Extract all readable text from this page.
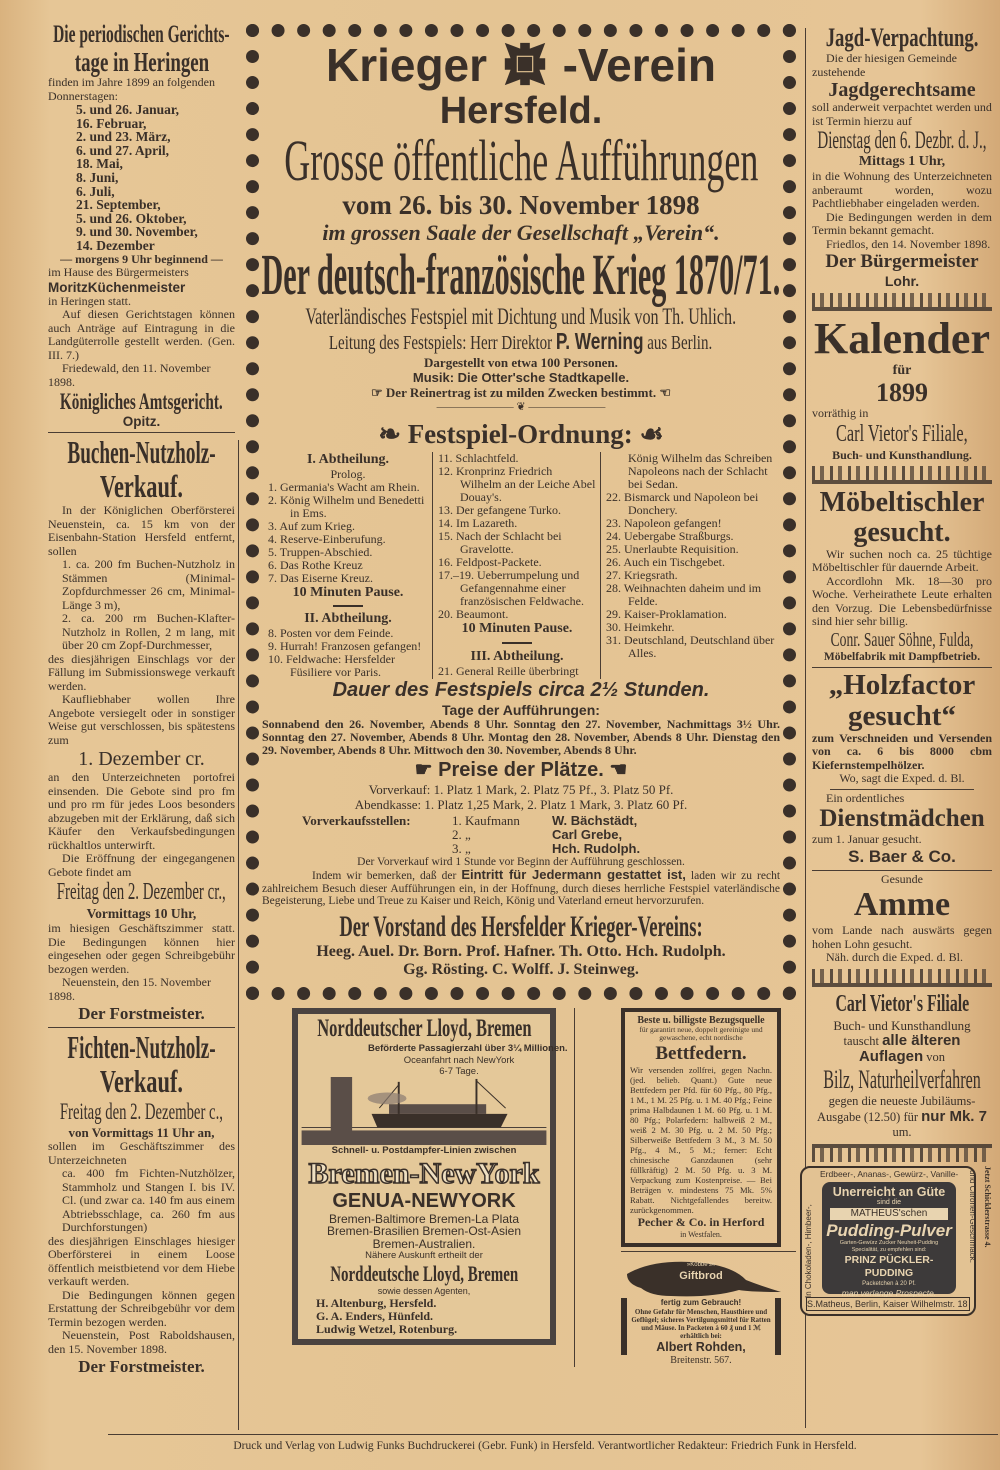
Die periodischen Gerichts-
tage in Heringen
finden im Jahre 1899 an folgenden Donnerstagen:
5. und 26. Januar,
16. Februar,
2. und 23. März,
6. und 27. April,
18. Mai,
8. Juni,
6. Juli,
21. September,
5. und 26. Oktober,
9. und 30. November,
14. Dezember
— morgens 9 Uhr beginnend —
im Hause des Bürgermeisters
MoritzKüchenmeister
in Heringen statt.
Auf diesen Gerichtstagen können auch Anträge auf Eintragung in die Landgüterrolle gestellt werden. (Gen. III. 7.)
Friedewald, den 11. November 1898.
Königliches Amtsgericht.
Opitz.
Buchen-Nutzholz-
Verkauf.
In der Königlichen Oberförsterei Neuenstein, ca. 15 km von der Eisenbahn-Station Hersfeld entfernt, sollen
1. ca. 200 fm Buchen-Nutzholz in Stämmen (Minimal-Zopfdurchmesser 26 cm, Minimal-Länge 3 m),
2. ca. 200 rm Buchen-Klafter-Nutzholz in Rollen, 2 m lang, mit über 20 cm Zopf-Durchmesser,
des diesjährigen Einschlags vor der Fällung im Submissionswege verkauft werden.
Kaufliebhaber wollen Ihre Angebote versiegelt oder in sonstiger Weise gut verschlossen, bis spätestens zum
1. Dezember cr.
an den Unterzeichneten portofrei einsenden. Die Gebote sind pro fm und pro rm für jedes Loos besonders abzugeben mit der Erklärung, daß sich Käufer den Verkaufsbedingungen rückhaltlos unterwirft.
Die Eröffnung der eingegangenen Gebote findet am
Freitag den 2. Dezember cr.,
Vormittags 10 Uhr,
im hiesigen Geschäftszimmer statt. Die Bedingungen können hier eingesehen oder gegen Schreibgebühr bezogen werden.
Neuenstein, den 15. November 1898.
Der Forstmeister.
Fichten-Nutzholz-
Verkauf.
Freitag den 2. Dezember c.,
von Vormittags 11 Uhr an,
sollen im Geschäftszimmer des Unterzeichneten
ca. 400 fm Fichten-Nutzhölzer, Stammholz und Stangen I. bis IV. Cl. (und zwar ca. 140 fm aus einem Abtriebsschlage, ca. 260 fm aus Durchforstungen)
des diesjährigen Einschlages hiesiger Oberförsterei in einem Loose öffentlich meistbietend vor dem Hiebe verkauft werden.
Die Bedingungen können gegen Erstattung der Schreibgebühr vor dem Termin bezogen werden.
Neuenstein, Post Raboldshausen, den 15. November 1898.
Der Forstmeister.
Krieger -Verein
Hersfeld.
Grosse öffentliche Aufführungen
vom 26. bis 30. November 1898
im grossen Saale der Gesellschaft „Verein“.
Der deutsch-französische Krieg 1870/71.
Vaterländisches Festspiel mit Dichtung und Musik von Th. Uhlich.
Leitung des Festspiels: Herr Direktor P. Werning aus Berlin.
Dargestellt von etwa 100 Personen.
Musik: Die Otter'sche Stadtkapelle.
☞ Der Reinertrag ist zu milden Zwecken bestimmt. ☜
——————— ❦ ———————
❧ Festspiel-Ordnung: ☙
I. Abtheilung.
Prolog.
1. Germania's Wacht am Rhein.
2. König Wilhelm und Benedetti in Ems.
3. Auf zum Krieg.
4. Reserve-Einberufung.
5. Truppen-Abschied.
6. Das Rothe Kreuz
7. Das Eiserne Kreuz.
10 Minuten Pause.
II. Abtheilung.
8. Posten vor dem Feinde.
9. Hurrah! Franzosen gefangen!
10. Feldwache: Hersfelder Füsiliere vor Paris.
11. Schlachtfeld.
12. Kronprinz Friedrich Wilhelm an der Leiche Abel Douay's.
13. Der gefangene Turko.
14. Im Lazareth.
15. Nach der Schlacht bei Gravelotte.
16. Feldpost-Packete.
17.–19. Ueberrumpelung und Gefangennahme einer französischen Feldwache.
20. Beaumont.
10 Minuten Pause.
III. Abtheilung.
21. General Reille überbringt
König Wilhelm das Schreiben Napoleons nach der Schlacht bei Sedan.
22. Bismarck und Napoleon bei Donchery.
23. Napoleon gefangen!
24. Uebergabe Straßburgs.
25. Unerlaubte Requisition.
26. Auch ein Tischgebet.
27. Kriegsrath.
28. Weihnachten daheim und im Felde.
29. Kaiser-Proklamation.
30. Heimkehr.
31. Deutschland, Deutschland über Alles.
Dauer des Festspiels circa 2½ Stunden.
Tage der Aufführungen:
Sonnabend den 26. November, Abends 8 Uhr. Sonntag den 27. November, Nachmittags 3½ Uhr. Sonntag den 27. November, Abends 8 Uhr. Montag den 28. November, Abends 8 Uhr. Dienstag den 29. November, Abends 8 Uhr. Mittwoch den 30. November, Abends 8 Uhr.
☛ Preise der Plätze. ☚
Vorverkauf: 1. Platz 1 Mark, 2. Platz 75 Pf., 3. Platz 50 Pf.
Abendkasse: 1. Platz 1,25 Mark, 2. Platz 1 Mark, 3. Platz 60 Pf.
Vorverkaufsstellen:	1. Kaufmann	W. Bächstädt,
2. „	Carl Grebe,
3. „	Hch. Rudolph.
Der Vorverkauf wird 1 Stunde vor Beginn der Aufführung geschlossen.
Indem wir bemerken, daß der Eintritt für Jedermann gestattet ist, laden wir zu recht zahlreichem Besuch dieser Aufführungen ein, in der Hoffnung, durch dieses herrliche Festspiel vaterländische Begeisterung, Liebe und Treue zu Kaiser und Reich, König und Vaterland erneut hervorzurufen.
Der Vorstand des Hersfelder Krieger-Vereins:
Heeg. Auel. Dr. Born. Prof. Hafner. Th. Otto. Hch. Rudolph.
Gg. Rösting. C. Wolff. J. Steinweg.
Norddeutscher Lloyd, Bremen
Beförderte Passagierzahl über 3¼ Millionen.
Oceanfahrt nach NewYork
6-7 Tage.
Schnell- u. Postdampfer-Linien zwischen
Bremen-NewYork
GENUA-NEWYORK
Bremen-Baltimore Bremen-La Plata
Bremen-Brasilien Bremen-Ost-Asien
Bremen-Australien.
Nähere Auskunft ertheilt der
Norddeutsche Lloyd, Bremen
sowie dessen Agenten,
H. Altenburg, Hersfeld.
G. A. Enders, Hünfeld.
Ludwig Wetzel, Rotenburg.
Beste u. billigste Bezugsquelle
für garantirt neue, doppelt gereinigte und gewaschene, echt nordische
Bettfedern.
Wir versenden zollfrei, gegen Nachn. (jed. belieb. Quant.) Gute neue Bettfedern per Pfd. für 60 Pfg., 80 Pfg., 1 M., 1 M. 25 Pfg. u. 1 M. 40 Pfg.; Feine prima Halbdaunen 1 M. 60 Pfg. u. 1 M. 80 Pfg.; Polarfedern: halbweiß 2 M., weiß 2 M. 30 Pfg. u. 2 M. 50 Pfg.; Silberweiße Bettfedern 3 M., 3 M. 50 Pfg., 4 M., 5 M.; ferner: Echt chinesische Ganzdaunen (sehr füllkräftig) 2 M. 50 Pfg. u. 3 M. Verpackung zum Kostenpreise. — Bei Beträgen v. mindestens 75 Mk. 5% Rabatt. Nichtgefallendes bereitw. zurückgenommen.
Pecher & Co. in Herford
in Westfalen.
»Kobbe's«
Giftbrod
fertig zum Gebrauch!
Ohne Gefahr für Menschen, Hausthiere und Geflügel; sicheres Vertilgungsmittel für Ratten und Mäuse. In Packeten à 60 ₰ und 1 ℳ erhältlich bei:
Albert Rohden,
Breitenstr. 567.
Jagd-Verpachtung.
Die der hiesigen Gemeinde zustehende
Jagdgerechtsame
soll anderweit verpachtet werden und ist Termin hierzu auf
Dienstag den 6. Dezbr. d. J.,
Mittags 1 Uhr,
in die Wohnung des Unterzeichneten anberaumt worden, wozu Pachtliebhaber eingeladen werden.
Die Bedingungen werden in dem Termin bekannt gemacht.
Friedlos, den 14. November 1898.
Der Bürgermeister
Lohr.
Kalender
für
1899
vorräthig in
Carl Vietor's Filiale,
Buch- und Kunsthandlung.
Möbeltischler
gesucht.
Wir suchen noch ca. 25 tüchtige Möbeltischler für dauernde Arbeit.
Accordlohn Mk. 18—30 pro Woche. Verheirathete Leute erhalten den Vorzug. Die Lebensbedürfnisse sind hier sehr billig.
Conr. Sauer Söhne, Fulda,
Möbelfabrik mit Dampfbetrieb.
„Holzfactor
gesucht“
zum Verschneiden und Versenden von ca. 6 bis 8000 cbm Kiefernstempelhölzer.
Wo, sagt die Exped. d. Bl.
Ein ordentliches
Dienstmädchen
zum 1. Januar gesucht.
S. Baer & Co.
Gesunde
Amme
vom Lande nach auswärts gegen hohen Lohn gesucht.
Näh. durch die Exped. d. Bl.
Carl Vietor's Filiale
Buch- und Kunsthandlung
tauscht alle älteren Auflagen von
Bilz, Naturheilverfahren
gegen die neueste Jubiläums-Ausgabe (12.50) für nur Mk. 7 um.
Erdbeer-, Ananas-, Gewürz-, Vanille-
In Chokoladen-, Himbeer-,	und Citronen-Geschmack.
Unerreicht an Güte
sind die
MATHEUS'schen
Pudding-Pulver
Garten-Gewürz Zucker Neuheit-Pudding
Specialität, zu empfehlen sind:
PRINZ PÜCKLER-PUDDING
Packetchen à 20 Pf.
man verlange Prospecte.
S.Matheus, Berlin, Kaiser Wilhelmstr. 18
Jetzt Schicklerstrasse 4.
Druck und Verlag von Ludwig Funks Buchdruckerei (Gebr. Funk) in Hersfeld. Verantwortlicher Redakteur: Friedrich Funk in Hersfeld.
